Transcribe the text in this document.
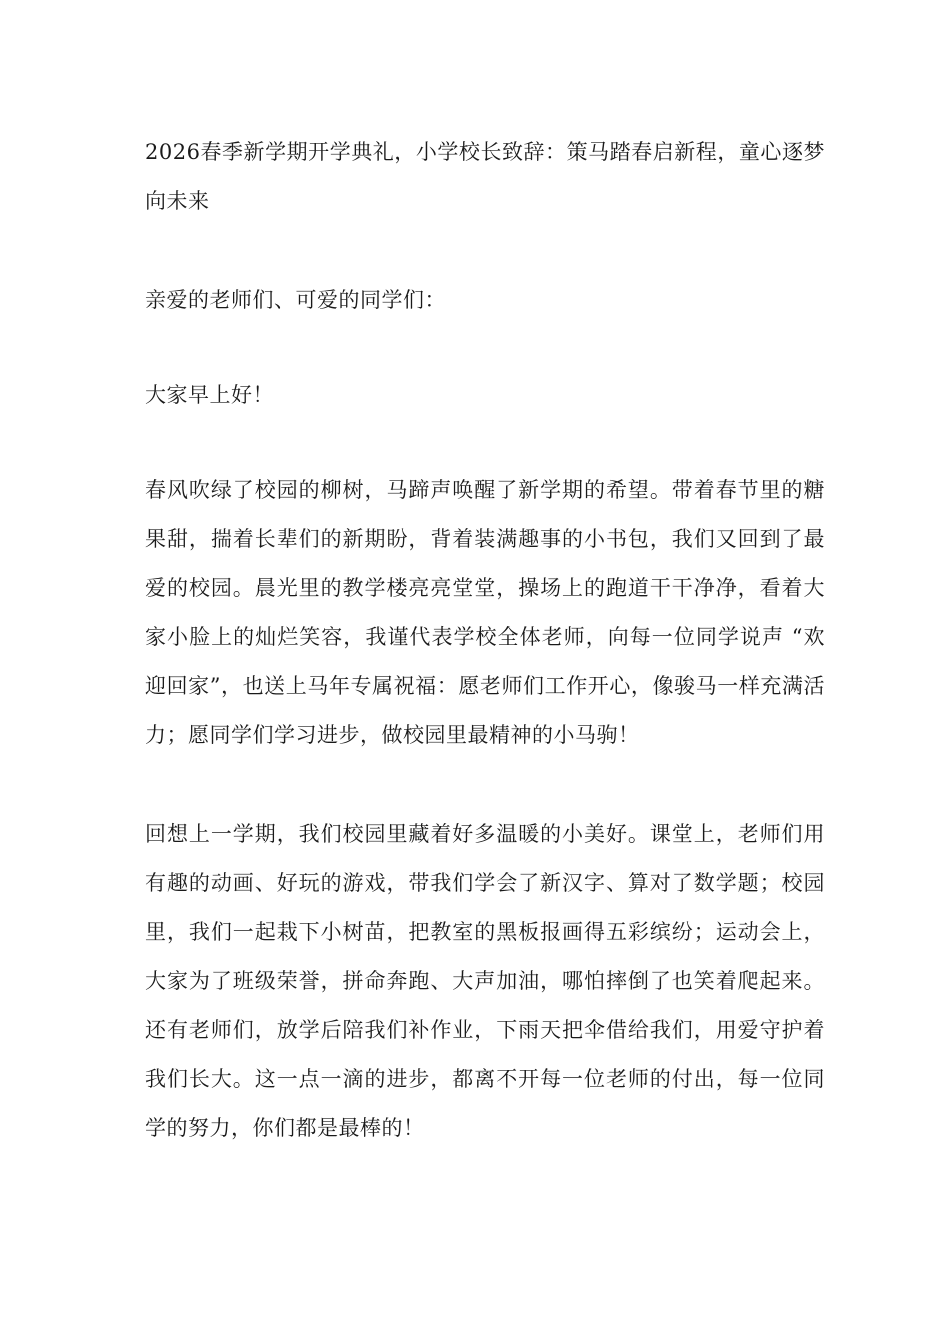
2026春季新学期开学典礼，小学校长致辞：策马踏春启新程，童心逐梦向未来

亲爱的老师们、可爱的同学们：

大家早上好！

春风吹绿了校园的柳树，马蹄声唤醒了新学期的希望。带着春节里的糖果甜，揣着长辈们的新期盼，背着装满趣事的小书包，我们又回到了最爱的校园。晨光里的教学楼亮亮堂堂，操场上的跑道干干净净，看着大家小脸上的灿烂笑容，我谨代表学校全体老师，向每一位同学说声 “欢迎回家”，也送上马年专属祝福：愿老师们工作开心，像骏马一样充满活力；愿同学们学习进步，做校园里最精神的小马驹！

回想上一学期，我们校园里藏着好多温暖的小美好。课堂上，老师们用有趣的动画、好玩的游戏，带我们学会了新汉字、算对了数学题；校园里，我们一起栽下小树苗，把教室的黑板报画得五彩缤纷；运动会上，大家为了班级荣誉，拼命奔跑、大声加油，哪怕摔倒了也笑着爬起来。还有老师们，放学后陪我们补作业，下雨天把伞借给我们，用爱守护着我们长大。这一点一滴的进步，都离不开每一位老师的付出，每一位同学的努力，你们都是最棒的！
